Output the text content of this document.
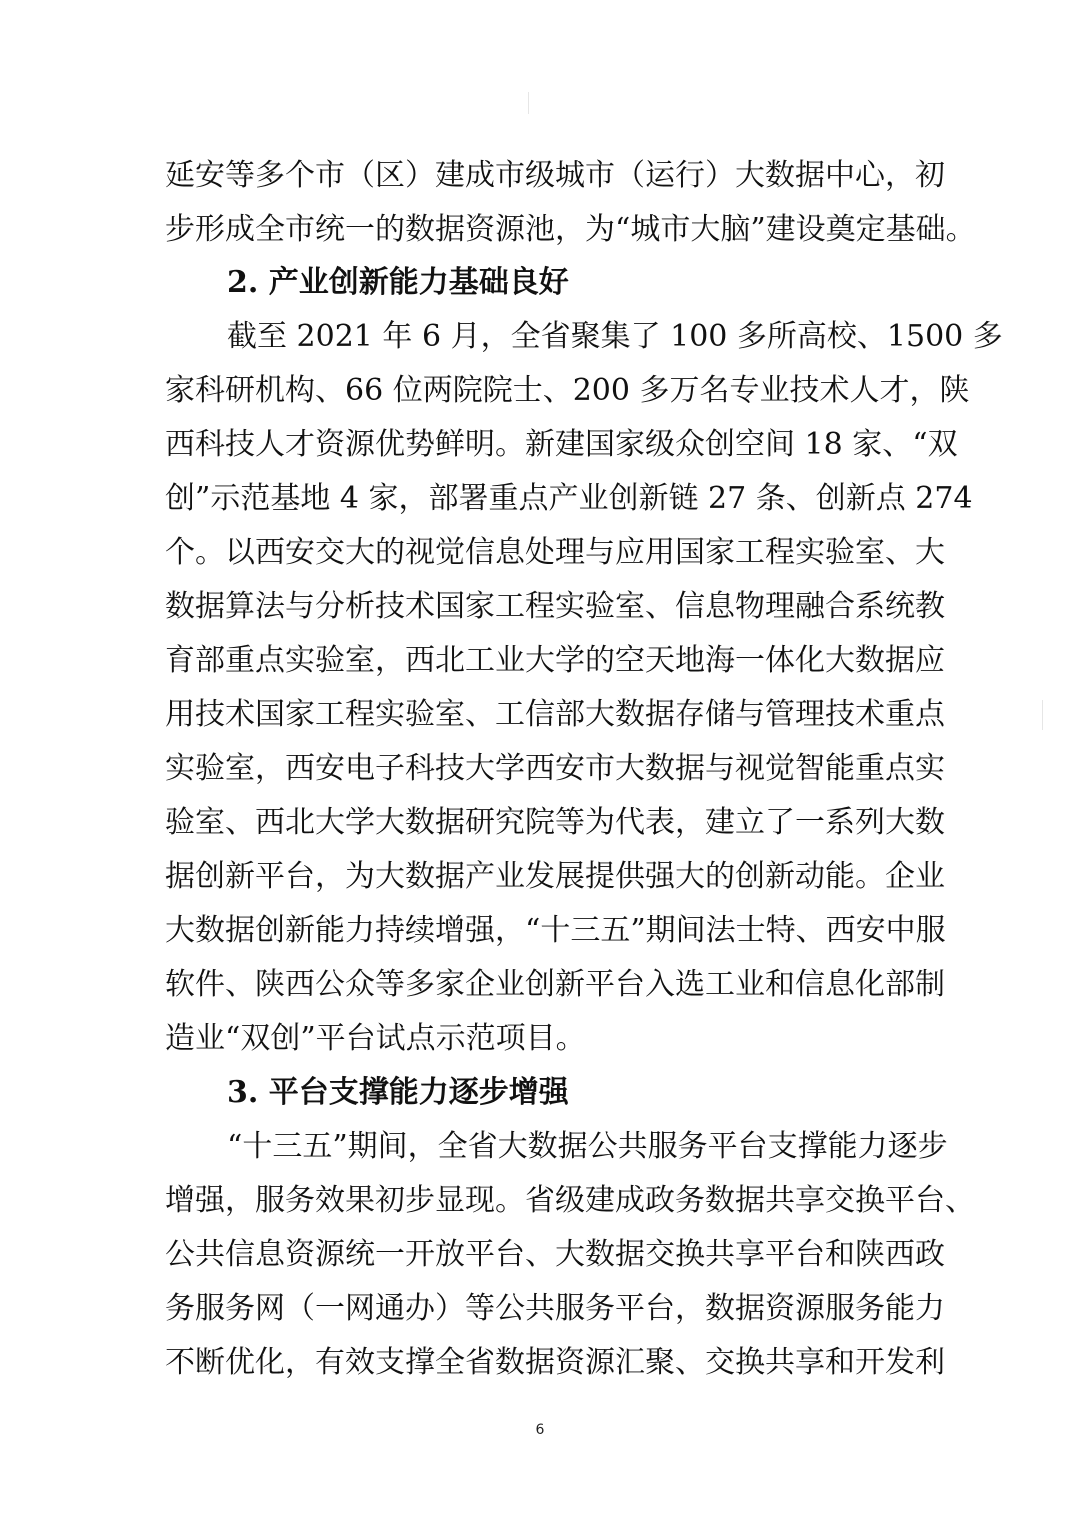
延安等多个市（区）建成市级城市（运行）大数据中心，初
步形成全市统一的数据资源池，为“城市大脑”建设奠定基础。
2. 产业创新能力基础良好
截至 2021 年 6 月，全省聚集了 100 多所高校、1500 多
家科研机构、66 位两院院士、200 多万名专业技术人才，陕
西科技人才资源优势鲜明。新建国家级众创空间 18 家、“双
创”示范基地 4 家，部署重点产业创新链 27 条、创新点 274
个。以西安交大的视觉信息处理与应用国家工程实验室、大
数据算法与分析技术国家工程实验室、信息物理融合系统教
育部重点实验室，西北工业大学的空天地海一体化大数据应
用技术国家工程实验室、工信部大数据存储与管理技术重点
实验室，西安电子科技大学西安市大数据与视觉智能重点实
验室、西北大学大数据研究院等为代表，建立了一系列大数
据创新平台，为大数据产业发展提供强大的创新动能。企业
大数据创新能力持续增强，“十三五”期间法士特、西安中服
软件、陕西公众等多家企业创新平台入选工业和信息化部制
造业“双创”平台试点示范项目。
3. 平台支撑能力逐步增强
“十三五”期间，全省大数据公共服务平台支撑能力逐步
增强，服务效果初步显现。省级建成政务数据共享交换平台、
公共信息资源统一开放平台、大数据交换共享平台和陕西政
务服务网（一网通办）等公共服务平台，数据资源服务能力
不断优化，有效支撑全省数据资源汇聚、交换共享和开发利
6
